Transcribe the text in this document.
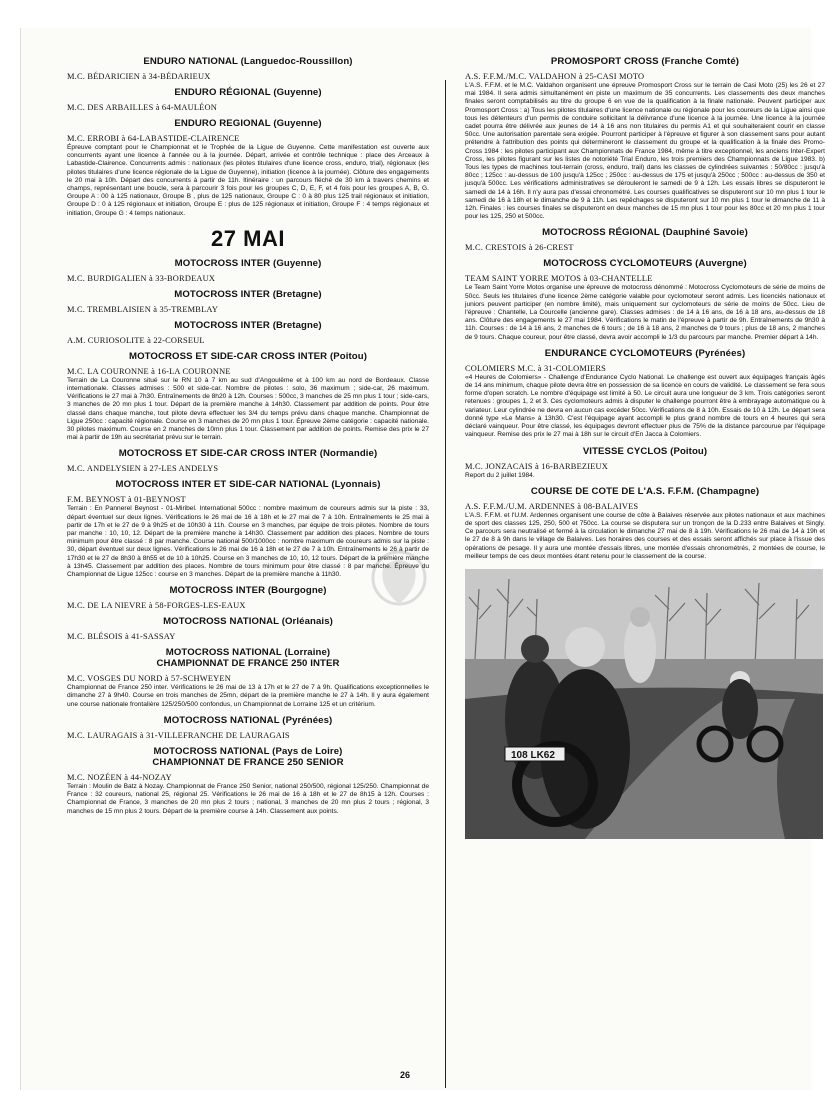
ENDURO NATIONAL (Languedoc-Roussillon)
M.C. BÉDARICIEN à 34-BÉDARIEUX
ENDURO RÉGIONAL (Guyenne)
M.C. DES ARBAILLES à 64-MAULÉON
ENDURO REGIONAL (Guyenne)
M.C. ERROBI à 64-LABASTIDE-CLAIRENCE

Épreuve comptant pour le Championnat et le Trophée de la Ligue de Guyenne. Cette manifestation est ouverte aux concurrents ayant une licence à l'année ou à la journée. Départ, arrivée et contrôle technique : place des Arceaux à Labastide-Clairence. Concurrents admis : nationaux (les pilotes titulaires d'une licence cross, enduro, trial), régionaux (les pilotes titulaires d'une licence régionale de la Ligue de Guyenne), initiation (licence à la journée). Clôture des engagements le 20 mai à 10h. Départ des concurrents à partir de 11h. Itinéraire : un parcours fléché de 30 km à travers chemins et champs, représentant une boucle, sera à parcourir 3 fois pour les groupes C, D, E, F, et 4 fois pour les groupes A, B, G. Groupe A : 00 à 125 nationaux, Groupe B , plus de 125 nationaux, Groupe C : 0 à 80 plus 125 trail régionaux et initiation, Groupe D : 0 à 125 régionaux et initiation, Groupe E : plus de 125 régionaux et initiation, Groupe F : 4 temps régionaux et initiation, Groupe G : 4 temps nationaux.

27 MAI
MOTOCROSS INTER (Guyenne)
M.C. BURDIGALIEN à 33-BORDEAUX
MOTOCROSS INTER (Bretagne)
M.C. TREMBLAISIEN à 35-TREMBLAY
MOTOCROSS INTER (Bretagne)
A.M. CURIOSOLITE à 22-CORSEUL
MOTOCROSS ET SIDE-CAR CROSS INTER (Poitou)
M.C. LA COURONNE à 16-LA COURONNE

Terrain de La Couronne situé sur le RN 10 à 7 km au sud d'Angoulême et à 100 km au nord de Bordeaux. Classe internationale. Classes admises : 500 et side-car. Nombre de pilotes : solo, 36 maximum ; side-car, 26 maximum. Vérifications le 27 mai à 7h30. Entraînements de 8h20 à 12h. Courses : 500cc, 3 manches de 25 mn plus 1 tour ; side-cars, 3 manches de 20 mn plus 1 tour. Départ de la première manche à 14h30. Classement par addition de points. Pour être classé dans chaque manche, tout pilote devra effectuer les 3/4 du temps prévu dans chaque manche. Championnat de Ligue 250cc : capacité régionale. Course en 3 manches de 20 mn plus 1 tour. Épreuve 2ème catégorie : capacité nationale. 30 pilotes maximum. Course en 2 manches de 10mn plus 1 tour. Classement par addition de points. Remise des prix le 27 mai à partir de 19h au secrétariat prévu sur le terrain.

MOTOCROSS ET SIDE-CAR CROSS INTER (Normandie)
M.C. ANDELYSIEN à 27-LES ANDELYS
MOTOCROSS INTER ET SIDE-CAR NATIONAL (Lyonnais)
F.M. BEYNOST à 01-BEYNOST

Terrain : En Pannerel Beynost - 01-Miribel. International 500cc : nombre maximum de coureurs admis sur la piste : 33, départ éventuel sur deux lignes. Vérifications le 26 mai de 16 à 18h et le 27 mai de 7 à 10h. Entraînements le 25 mai à partir de 17h et le 27 de 9 à 9h25 et de 10h30 à 11h. Course en 3 manches, par équipe de trois pilotes. Nombre de tours par manche : 10, 10, 12. Départ de la première manche à 14h30. Classement par addition des places. Nombre de tours minimum pour être classé : 8 par manche. Course national 500/1000cc : nombre maximum de coureurs admis sur la piste : 30, départ éventuel sur deux lignes. Vérifications le 26 mai de 16 à 18h et le 27 de 7 à 10h. Entraînements le 26 à partir de 17h30 et le 27 de 8h30 à 8h55 et de 10 à 10h25. Course en 3 manches de 10, 10, 12 tours. Départ de la première manche à 13h45. Classement par addition des places. Nombre de tours minimum pour être classé : 8 par manche. Épreuve du Championnat de Ligue 125cc : course en 3 manches. Départ de la première manche à 11h30.

MOTOCROSS INTER (Bourgogne)
M.C. DE LA NIEVRE à 58-FORGES-LES-EAUX
MOTOCROSS NATIONAL (Orléanais)
M.C. BLÉSOIS à 41-SASSAY
MOTOCROSS NATIONAL (Lorraine)
CHAMPIONNAT DE FRANCE 250 INTER
M.C. VOSGES DU NORD à 57-SCHWEYEN

Championnat de France 250 inter. Vérifications le 26 mai de 13 à 17h et le 27 de 7 à 9h. Qualifications exceptionnelles le dimanche 27 à 9h40. Course en trois manches de 25mn, départ de la première manche le 27 à 14h. Il y aura également une course nationale frontalière 125/250/500 confondus, un Championnat de Lorraine 125 et un critérium.

MOTOCROSS NATIONAL (Pyrénées)
M.C. LAURAGAIS à 31-VILLEFRANCHE DE LAURAGAIS
MOTOCROSS NATIONAL (Pays de Loire)
CHAMPIONNAT DE FRANCE 250 SENIOR
M.C. NOZÉEN à 44-NOZAY

Terrain : Moulin de Batz à Nozay. Championnat de France 250 Senior, national 250/500, régional 125/250. Championnat de France : 32 coureurs, national 25, régional 25. Vérifications le 26 mai de 16 à 18h et le 27 de 8h15 à 12h. Courses : Championnat de France, 3 manches de 20 mn plus 2 tours ; national, 3 manches de 20 mn plus 2 tours ; régional, 3 manches de 15 mn plus 2 tours. Départ de la première course à 14h. Classement aux points.

PROMOSPORT CROSS (Franche Comté)
A.S. F.F.M./M.C. VALDAHON à 25-CASI MOTO

L'A.S. F.F.M. et le M.C. Valdahon organisent une épreuve Promosport Cross sur le terrain de Casi Moto (25) les 26 et 27 mai 1984. Il sera admis simultanément en piste un maximum de 35 concurrents. Les classements des deux manches finales seront comptabilisés au titre du groupe 6 en vue de la qualification à la finale nationale. Peuvent participer aux Promosport Cross : a) Tous les pilotes titulaires d'une licence nationale ou régionale pour les coureurs de la Ligue ainsi que tous les détenteurs d'un permis de conduire sollicitant la délivrance d'une licence à la journée. Une licence à la journée cadet pourra être délivrée aux jeunes de 14 à 16 ans non titulaires du permis A1 et qui souhaiteraient courir en classe 50cc. Une autorisation parentale sera exigée. Pourront participer à l'épreuve et figurer à son classement sans pour autant prétendre à l'attribution des points qui détermineront le classement du groupe et la qualification à la finale des Promo-Cross 1984 : les pilotes participant aux Championnats de France 1984, même à titre exceptionnel, les anciens Inter-Expert Cross, les pilotes figurant sur les listes de notoriété Trial Enduro, les trois premiers des Championnats de Ligue 1983. b) Tous les types de machines tout-terrain (cross, enduro, trail) dans les classes de cylindrées suivantes : 50/80cc : jusqu'à 80cc ; 125cc : au-dessus de 100 jusqu'à 125cc ; 250cc : au-dessus de 175 et jusqu'à 250cc ; 500cc : au-dessus de 350 et jusqu'à 500cc. Les vérifications administratives se dérouleront le samedi de 9 à 12h. Les essais libres se disputeront le samedi de 14 à 16h. Il n'y aura pas d'essai chronométré. Les courses qualificatives se disputeront sur 10 mn plus 1 tour le samedi de 16 à 18h et le dimanche de 9 à 11h. Les repêchages se disputeront sur 10 mn plus 1 tour le dimanche de 11 à 12h. Finales : les courses finales se disputeront en deux manches de 15 mn plus 1 tour pour les 80cc et 20 mn plus 1 tour pour les 125, 250 et 500cc.

MOTOCROSS RÉGIONAL (Dauphiné Savoie)
M.C. CRESTOIS à 26-CREST
MOTOCROSS CYCLOMOTEURS (Auvergne)
TEAM SAINT YORRE MOTOS à 03-CHANTELLE

Le Team Saint Yorre Motos organise une épreuve de motocross dénommé : Motocross Cyclomoteurs de série de moins de 50cc. Seuls les titulaires d'une licence 2ème catégorie valable pour cyclomoteur seront admis. Les licenciés nationaux et juniors peuvent participer (en nombre limité), mais uniquement sur cyclomoteurs de série de moins de 50cc. Lieu de l'épreuve : Chantelle, La Courcelle (ancienne gare). Classes admises : de 14 à 16 ans, de 16 à 18 ans, au-dessus de 18 ans. Clôture des engagements le 27 mai 1984. Vérifications le matin de l'épreuve à partir de 9h. Entraînements de 9h30 à 11h. Courses : de 14 à 16 ans, 2 manches de 6 tours ; de 16 à 18 ans, 2 manches de 9 tours ; plus de 18 ans, 2 manches de 9 tours. Chaque coureur, pour être classé, devra avoir accompli le 1/3 du parcours par manche. Premier départ à 14h.

ENDURANCE CYCLOMOTEURS (Pyrénées)
COLOMIERS M.C. à 31-COLOMIERS

«4 Heures de Colomiers» - Challenge d'Endurance Cyclo National. Le challenge est ouvert aux équipages français âgés de 14 ans minimum, chaque pilote devra être en possession de sa licence en cours de validité. Le classement se fera sous forme d'open scratch. Le nombre d'équipage est limité à 50. Le circuit aura une longueur de 3 km. Trois catégories seront retenues : groupes 1, 2 et 3. Ces cyclomoteurs admis à disputer le challenge pourront être à embrayage automatique ou à variateur. Leur cylindrée ne devra en aucun cas excéder 50cc. Vérifications de 8 à 10h. Essais de 10 à 12h. Le départ sera donné type «Le Mans» à 13h30. C'est l'équipage ayant accompli le plus grand nombre de tours en 4 heures qui sera déclaré vainqueur. Pour être classé, les équipages devront effectuer plus de 75% de la distance parcourue par l'équipage vainqueur. Remise des prix le 27 mai à 18h sur le circuit d'En Jacca à Colomiers.

VITESSE CYCLOS (Poitou)
M.C. JONZACAIS à 16-BARBEZIEUX

Report du 2 juillet 1984.

COURSE DE COTE DE L'A.S. F.F.M. (Champagne)
A.S. F.F.M./U.M. ARDENNES à 08-BALAIVES

L'A.S. F.F.M. et l'U.M. Ardennes organisent une course de côte à Balaives réservée aux pilotes nationaux et aux machines de sport des classes 125, 250, 500 et 750cc. La course se disputera sur un tronçon de la D.233 entre Balaives et Singly. Ce parcours sera neutralisé et fermé à la circulation le dimanche 27 mai de 8 à 19h. Vérifications le 26 mai de 14 à 19h et le 27 de 8 à 9h dans le village de Balaives. Les horaires des courses et des essais seront affichés sur place à l'issue des opérations de pesage. Il y aura une montée d'essais libres, une montée d'essais chronométrés, 2 montées de course, le meilleur temps de ces deux montées étant retenu pour le classement de la course.

108 LK62
26
